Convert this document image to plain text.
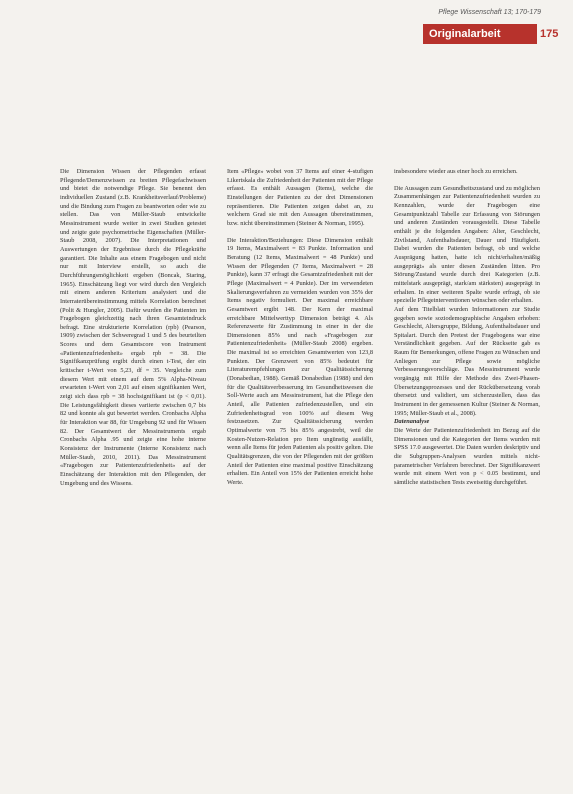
Pflege Wissenschaft 13; 170-179
Originalarbeit	175

Die Dimension Wissen der Pflegenden erfasst Pflegende/Demenzwissen zu breiten Pflegefachwissen und bietet die notwendige Pflege. Sie benennt den individuellen Zustand (z.B. Krankheitsverlauf/Probleme) und die Bindung zum Fragen zu beantworten oder wie zu stellen. Das von Müller-Staub entwickelte Messinstrument wurde weiter in zwei Studien getestet und zeigte gute psychometrische Eigenschaften (Müller-Staub 2008, 2007). Die Interpretationen und Auswertungen der Ergebnisse durch die Pflegekräfte garantiert. Die Inhalte aus einem Fragebogen und nicht nur mit Interview erstellt, so auch die Durchführungsmöglichkeit ergeben (Boncak, Staring, 1965). Einschätzung liegt vor wird durch den Vergleich mit einem anderen Kriterium analysiert und die Interraterübereinstimmung mittels Korrelation berechnet (Polit & Hungler, 2005). Dafür wurden die Patienten im Fragebogen gleichzeitig nach ihren Gesamteindruck befragt. Eine strukturierte Korrelation (rpb) (Pearson, 1909) zwischen der Schweregrad 1 und 5 des beurteilten Scores und dem Gesamtscore von Instrument «Patientenzufriedenheit» ergab rpb = 38. Die Signifikanzprüfung ergibt durch einen t-Test, der ein kritischer t-Wert von 5,23, df = 35. Vergleiche zum diesem Wert mit einem auf dem 5% Alpha-Niveau erwarteten t-Wert von 2,01 auf einen signifikanten Wert, zeigt sich dass rpb = 38 hochsignifikant ist (p < 0,01). Die Leistungsfähigkeit dieses variierte zwischen 0,7 bis 82 und konnte als gut bewertet werden. Cronbachs Alpha für Interaktion war 88, für Umgebung 92 und für Wissen 82. Der Gesamtwert der Messinstruments ergab Cronbachs Alpha .95 und zeigte eine hohe interne Konsistenz der Instrumente (Interne Konsistenz nach Müller-Staub, 2010, 2011). Das Messinstrument «Fragebogen zur Patientenzufriedenheit» auf der Einschätzung der Interaktion mit den Pflegenden, der Umgebung und des Wissens.

Item «Pflege» wobei von 37 Items auf einer 4-stufigen Likertskala die Zufriedenheit der Patienten mit der Pflege erfasst. Es enthält Aussagen (Items), welche die Einstellungen der Patienten zu der drei Dimensionen repräsentieren. Die Patienten zeigen dabei an, zu welchem Grad sie mit den Aussagen übereinstimmen, bzw. nicht übereinstimmen (Steiner & Norman, 1995).

Die Interaktion/Beziehungen: Diese Dimension enthält 19 Items, Maximalwert = 83 Punkte. Information und Beratung (12 Items, Maximalwert = 48 Punkte) und Wissen der Pflegenden (7 Items, Maximalwert = 28 Punkte), kann 37 erfragt die Gesamtzufriedenheit mit der Pflege (Maximalwert = 4 Punkte). Der im verwendeten Skalierungsverfahren zu vermeiden wurden von 35% der Items negativ formuliert. Der maximal erreichbare Gesamtwert ergibt 148. Der Kern der maximal erreichbare Mittelwerttyp Dimension beträgt 4. Als Referenzwerte für Zustimmung in einer in der die Dimensionen 85% und nach «Fragebogen zur Patientenzufriedenheit» (Müller-Staub 2008) ergeben. Die maximal ist so erreichten Gesamtwerten von 123,8 Punkten. Der Grenzwert von 85% bedeutet für Literaturempfehlungen zur Qualitätssicherung (Donabedian, 1988). Gemäß Donabedian (1988) und den für die Qualitätsverbesserung im Gesundheitswesen die Soll-Werte auch am Messinstrument, hat die Pflege den Anteil, alle Patienten zufriedenzustellen, und ein Zufriedenheitsgrad von 100% auf diesem Weg festzusetzen. Zur Qualitätssicherung werden Optimalwerte von 75 bis 85% angestrebt, weil die Kosten-Nutzen-Relation pro Item ungünstig ausfällt, wenn alle Items für jeden Patienten als positiv gelten. Die Qualitätsgrenzen, die von der Pflegenden mit der größten Anteil der Patienten eine maximal positive Einschätzung erhalten. Ein Anteil von 15% der Patienten erreicht hohe Werte.

insbesondere wieder aus einer hoch zu erreichen.

Die Aussagen zum Gesundheitszustand und zu möglichen Zusammenhängen zur Patientenzufriedenheit wurden zu Kennzahlen, wurde der Fragebogen eine Gesamtpunktzahl Tabelle zur Erfassung von Störungen und anderen Zuständen vorausgestellt. Diese Tabelle enthält je die folgenden Angaben: Alter, Geschlecht, Zivilstand, Aufenthaltsdauer, Dauer und Häufigkeit. Dabei wurden die Patienten befragt, ob und welche Ausprägung hatten, hatte ich nicht/erhalten/mäßig ausgeprägt» als unter diesen Zuständen litten. Pro Störung/Zustand wurde durch drei Kategorien (z.B. mittelstark ausgeprägt, stark/am stärksten) ausgeprägt in erhalten. In einer weiteren Spalte wurde erfragt, ob sie spezielle Pflegeinterventionen wünschen oder erhalten.

Auf dem Titelblatt wurden Informationen zur Studie gegeben sowie soziodemographische Angaben erhoben: Geschlecht, Altersgruppe, Bildung, Aufenthaltsdauer und Spitalart. Durch den Pretest der Fragebogens war eine Verständlichkeit gegeben. Auf der Rückseite gab es Raum für Bemerkungen, offene Fragen zu Wünschen und Anliegen zur Pflege sowie mögliche Verbesserungsvorschläge. Das Messinstrument wurde vorgängig mit Hilfe der Methode des Zwei-Phasen-Übersetzungsprozesses und der Rückübersetzung vorab übersetzt und validiert, um sicherzustellen, dass das Instrument in der gemessenen Kultur (Steiner & Norman, 1995; Müller-Staub et al., 2008).

Datenanalyse

Die Werte der Patientenzufriedenheit im Bezug auf die Dimensionen und die Kategorien der Items wurden mit SPSS 17.0 ausgewertet. Die Daten wurden deskriptiv und die Subgruppen-Analysen wurden mittels nicht-parametrischer Verfahren berechnet. Der Signifikanzwert wurde mit einem Wert von p < 0.05 bestimmt, und sämtliche statistischen Tests zweiseitig durchgeführt.
